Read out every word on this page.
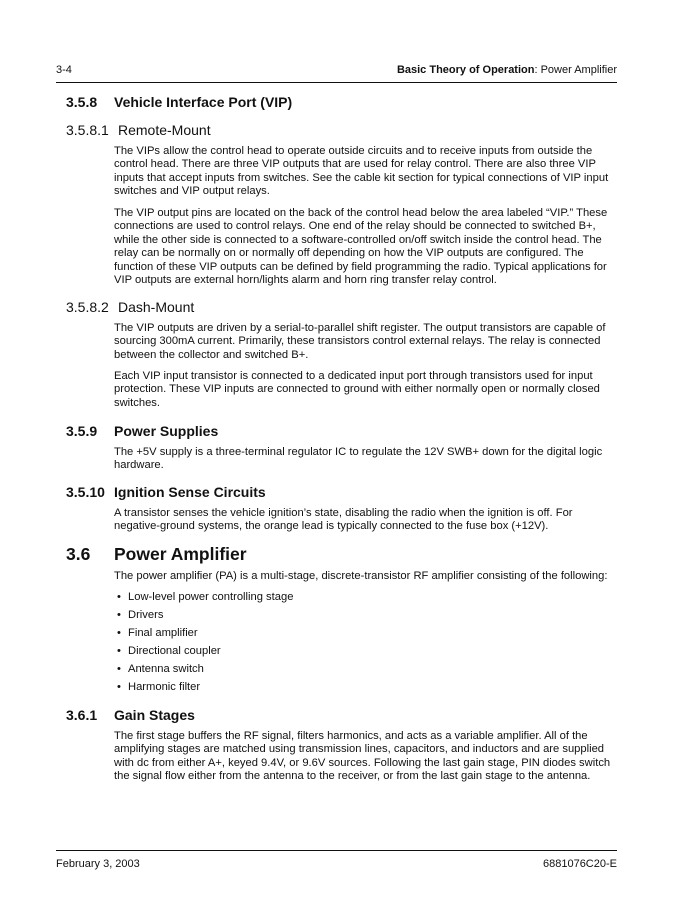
3-4	Basic Theory of Operation: Power Amplifier
3.5.8 Vehicle Interface Port (VIP)
3.5.8.1 Remote-Mount
The VIPs allow the control head to operate outside circuits and to receive inputs from outside the control head. There are three VIP outputs that are used for relay control. There are also three VIP inputs that accept inputs from switches. See the cable kit section for typical connections of VIP input switches and VIP output relays.
The VIP output pins are located on the back of the control head below the area labeled “VIP.” These connections are used to control relays. One end of the relay should be connected to switched B+, while the other side is connected to a software-controlled on/off switch inside the control head. The relay can be normally on or normally off depending on how the VIP outputs are configured. The function of these VIP outputs can be defined by field programming the radio. Typical applications for VIP outputs are external horn/lights alarm and horn ring transfer relay control.
3.5.8.2 Dash-Mount
The VIP outputs are driven by a serial-to-parallel shift register. The output transistors are capable of sourcing 300mA current. Primarily, these transistors control external relays. The relay is connected between the collector and switched B+.
Each VIP input transistor is connected to a dedicated input port through transistors used for input protection. These VIP inputs are connected to ground with either normally open or normally closed switches.
3.5.9 Power Supplies
The +5V supply is a three-terminal regulator IC to regulate the 12V SWB+ down for the digital logic hardware.
3.5.10 Ignition Sense Circuits
A transistor senses the vehicle ignition’s state, disabling the radio when the ignition is off. For negative-ground systems, the orange lead is typically connected to the fuse box (+12V).
3.6 Power Amplifier
The power amplifier (PA) is a multi-stage, discrete-transistor RF amplifier consisting of the following:
• Low-level power controlling stage
• Drivers
• Final amplifier
• Directional coupler
• Antenna switch
• Harmonic filter
3.6.1 Gain Stages
The first stage buffers the RF signal, filters harmonics, and acts as a variable amplifier. All of the amplifying stages are matched using transmission lines, capacitors, and inductors and are supplied with dc from either A+, keyed 9.4V, or 9.6V sources. Following the last gain stage, PIN diodes switch the signal flow either from the antenna to the receiver, or from the last gain stage to the antenna.
February 3, 2003	6881076C20-E
